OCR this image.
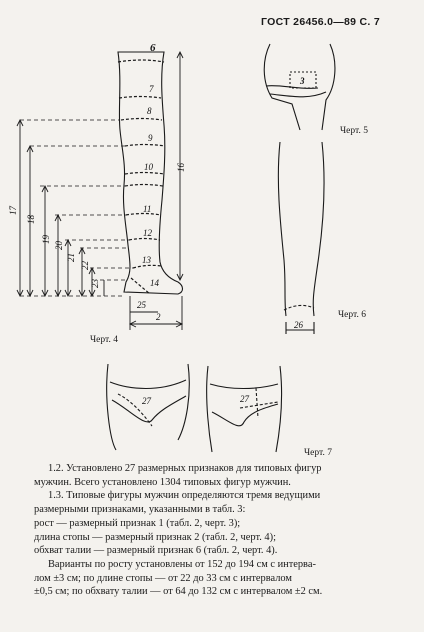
ГОСТ 26456.0—89 С. 7
6
7
8
9
10
11
12
13
14
25
2
16
17
18
19
20
21
22
23
3
26
27	27
Черт. 5
Черт. 6
Черт. 4
Черт. 7

1.2. Установлено 27 размерных признаков для типовых фигур

мужчин. Всего установлено 1304 типовых фигур мужчин.

1.3. Типовые фигуры мужчин определяются тремя ведущими

размерными признаками, указанными в табл. 3:

рост — размерный признак 1 (табл. 2, черт. 3);

длина стопы — размерный признак 2 (табл. 2, черт. 4);

обхват талии — размерный признак 6 (табл. 2, черт. 4).

Варианты по росту установлены от 152 до 194 см с интерва-

лом ±3 см; по длине стопы — от 22 до 33 см с интервалом

±0,5 см; по обхвату талии — от 64 до 132 см с интервалом ±2 см.
